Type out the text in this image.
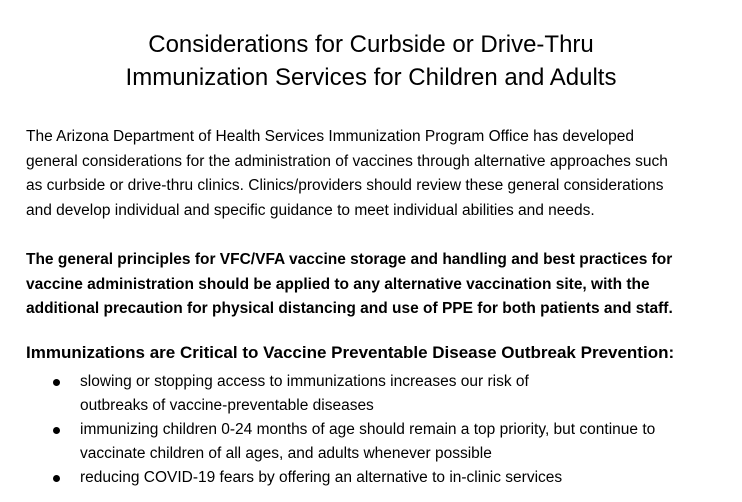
Considerations for Curbside or Drive-Thru
Immunization Services for Children and Adults

The Arizona Department of Health Services Immunization Program Office has developed
general considerations for the administration of vaccines through alternative approaches such
as curbside or drive-thru clinics. Clinics/providers should review these general considerations
and develop individual and specific guidance to meet individual abilities and needs.

The general principles for VFC/VFA vaccine storage and handling and best practices for
vaccine administration should be applied to any alternative vaccination site, with the
additional precaution for physical distancing and use of PPE for both patients and staff.

Immunizations are Critical to Vaccine Preventable Disease Outbreak Prevention:
slowing or stopping access to immunizations increases our risk of
outbreaks of vaccine-preventable diseases
immunizing children 0-24 months of age should remain a top priority, but continue to
vaccinate children of all ages, and adults whenever possible
reducing COVID-19 fears by offering an alternative to in-clinic services
